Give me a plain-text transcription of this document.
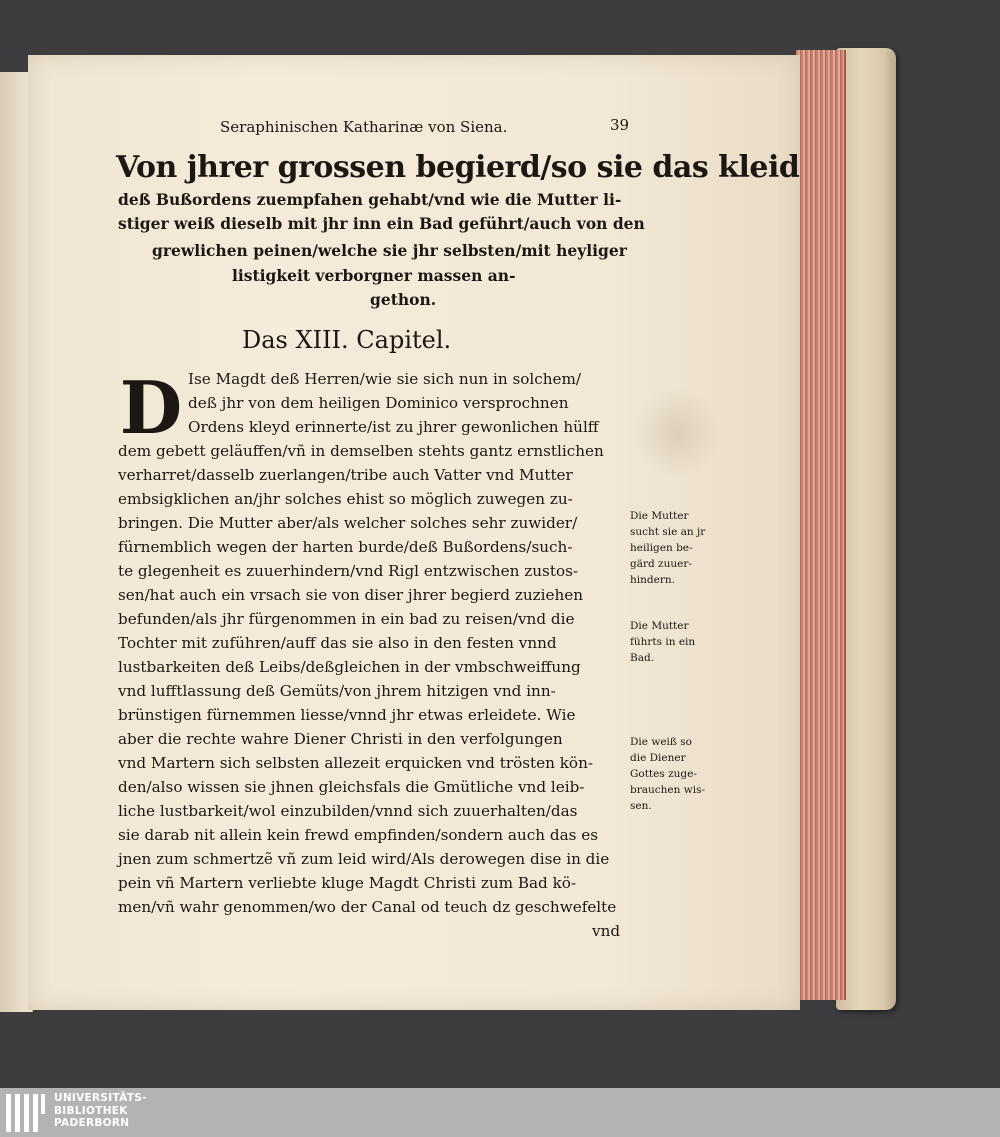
Seraphinischen Katharinæ von Siena.	39
Von jhrer grossen begierd/so sie das kleid
deß Bußordens zuempfahen gehabt/vnd wie die Mutter li-
stiger weiß dieselb mit jhr inn ein Bad geführt/auch von den
grewlichen peinen/welche sie jhr selbsten/mit heyliger
listigkeit verborgner massen an-
gethon.
Das XIII. Capitel.
D Ise Magdt deß Herren/wie sie sich nun in solchem/
deß jhr von dem heiligen Dominico versprochnen
Ordens kleyd erinnerte/ist zu jhrer gewonlichen hülff
dem gebett geläuffen/vñ in demselben stehts gantz ernstlichen
verharret/dasselb zuerlangen/tribe auch Vatter vnd Mutter
embsigklichen an/jhr solches ehist so möglich zuwegen zu-
bringen. Die Mutter aber/als welcher solches sehr zuwider/
fürnemblich wegen der harten burde/deß Bußordens/such-
te glegenheit es zuuerhindern/vnd Rigl entzwischen zustos-
sen/hat auch ein vrsach sie von diser jhrer begierd zuziehen
befunden/als jhr fürgenommen in ein bad zu reisen/vnd die
Tochter mit zuführen/auff das sie also in den festen vnnd
lustbarkeiten deß Leibs/deßgleichen in der vmbschweiffung
vnd lufftlassung deß Gemüts/von jhrem hitzigen vnd inn-
brünstigen fürnemmen liesse/vnnd jhr etwas erleidete. Wie
aber die rechte wahre Diener Christi in den verfolgungen
vnd Martern sich selbsten allezeit erquicken vnd trösten kön-
den/also wissen sie jhnen gleichsfals die Gmütliche vnd leib-
liche lustbarkeit/wol einzubilden/vnnd sich zuuerhalten/das
sie darab nit allein kein frewd empfinden/sondern auch das es
jnen zum schmertzẽ vñ zum leid wird/Als derowegen dise in die
pein vñ Martern verliebte kluge Magdt Christi zum Bad kö-
men/vñ wahr genommen/wo der Canal od teuch dz geschwefelte
vnd
Die Mutter
sucht sie an jr
heiligen be-
gärd zuuer-
hindern.
Die Mutter
führts in ein
Bad.
Die weiß so
die Diener
Gottes zuge-
brauchen wis-
sen.
UNIVERSITÄTS-
BIBLIOTHEK
PADERBORN
